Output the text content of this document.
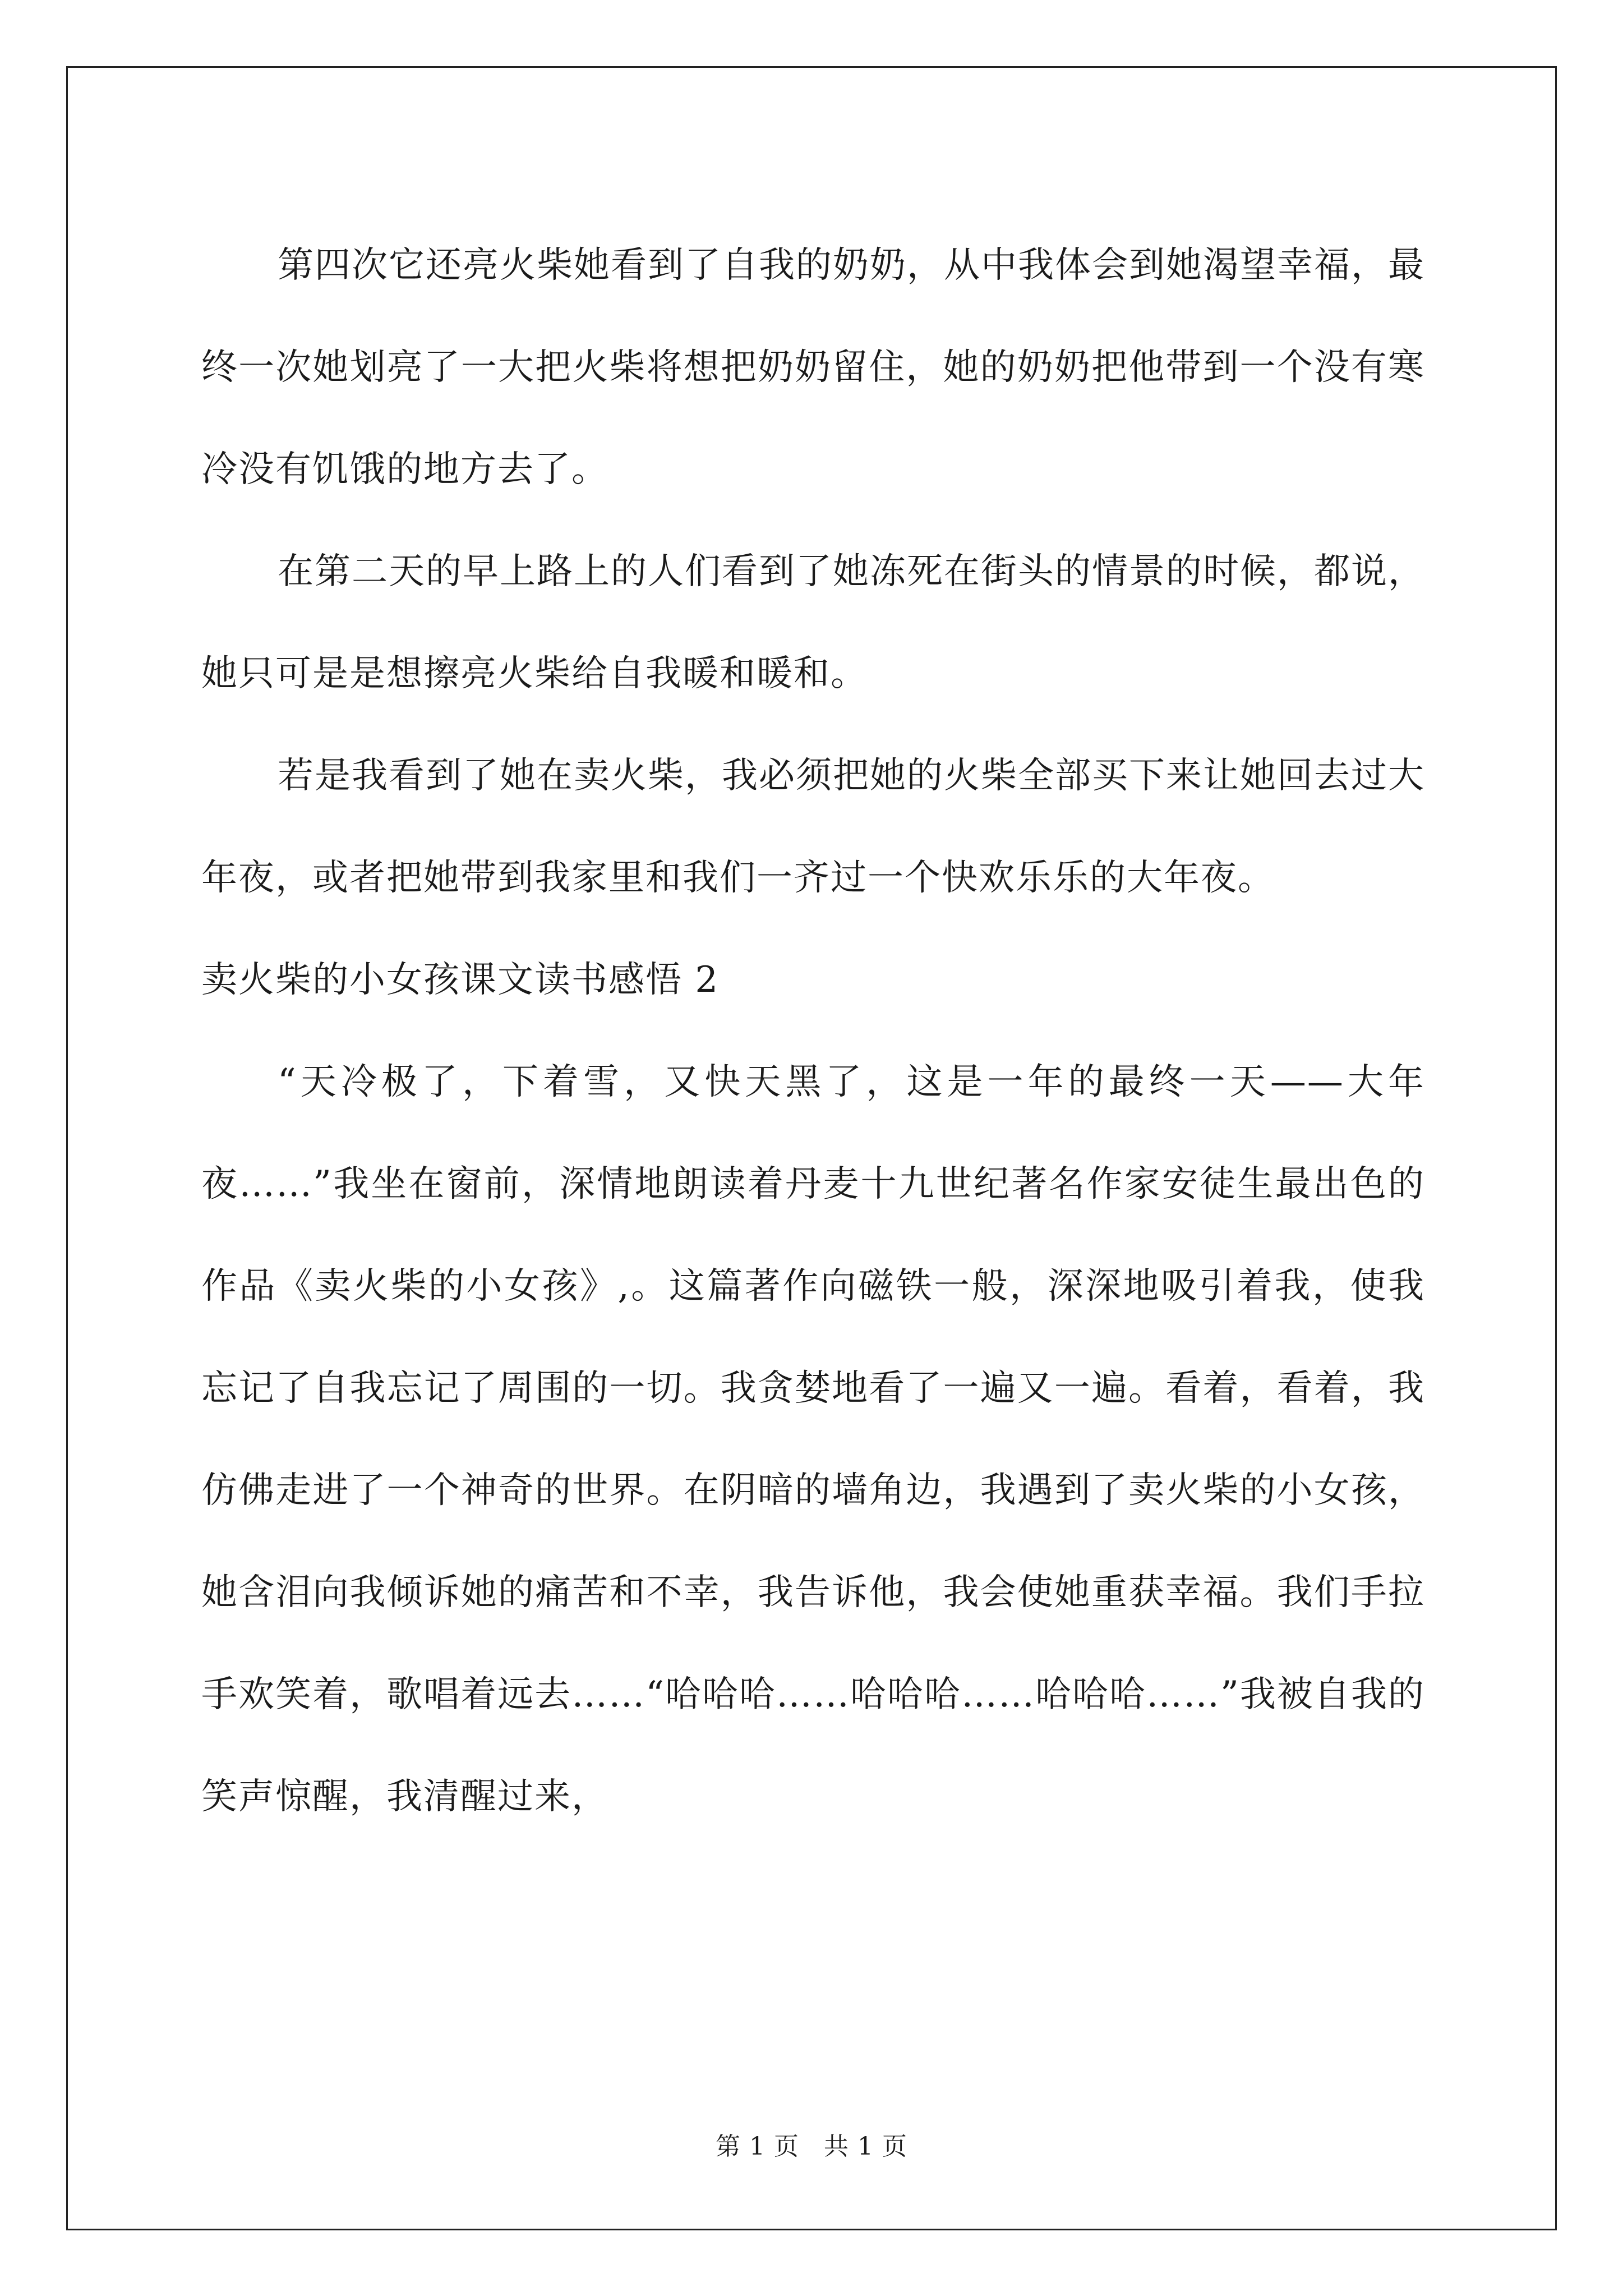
第四次它还亮火柴她看到了自我的奶奶，从中我体会到她渴望幸福，最终一次她划亮了一大把火柴将想把奶奶留住，她的奶奶把他带到一个没有寒冷没有饥饿的地方去了。

在第二天的早上路上的人们看到了她冻死在街头的情景的时候，都说，她只可是是想擦亮火柴给自我暖和暖和。

若是我看到了她在卖火柴，我必须把她的火柴全部买下来让她回去过大年夜，或者把她带到我家里和我们一齐过一个快欢乐乐的大年夜。

卖火柴的小女孩课文读书感悟 2

“天冷极了，下着雪，又快天黑了，这是一年的最终一天——大年夜……”我坐在窗前，深情地朗读着丹麦十九世纪著名作家安徒生最出色的作品《卖火柴的小女孩》,。这篇著作向磁铁一般，深深地吸引着我，使我忘记了自我忘记了周围的一切。我贪婪地看了一遍又一遍。看着，看着，我仿佛走进了一个神奇的世界。在阴暗的墙角边，我遇到了卖火柴的小女孩，她含泪向我倾诉她的痛苦和不幸，我告诉他，我会使她重获幸福。我们手拉手欢笑着，歌唱着远去……“哈哈哈……哈哈哈……哈哈哈……”我被自我的笑声惊醒，我清醒过来，

第 1 页 共 1 页
